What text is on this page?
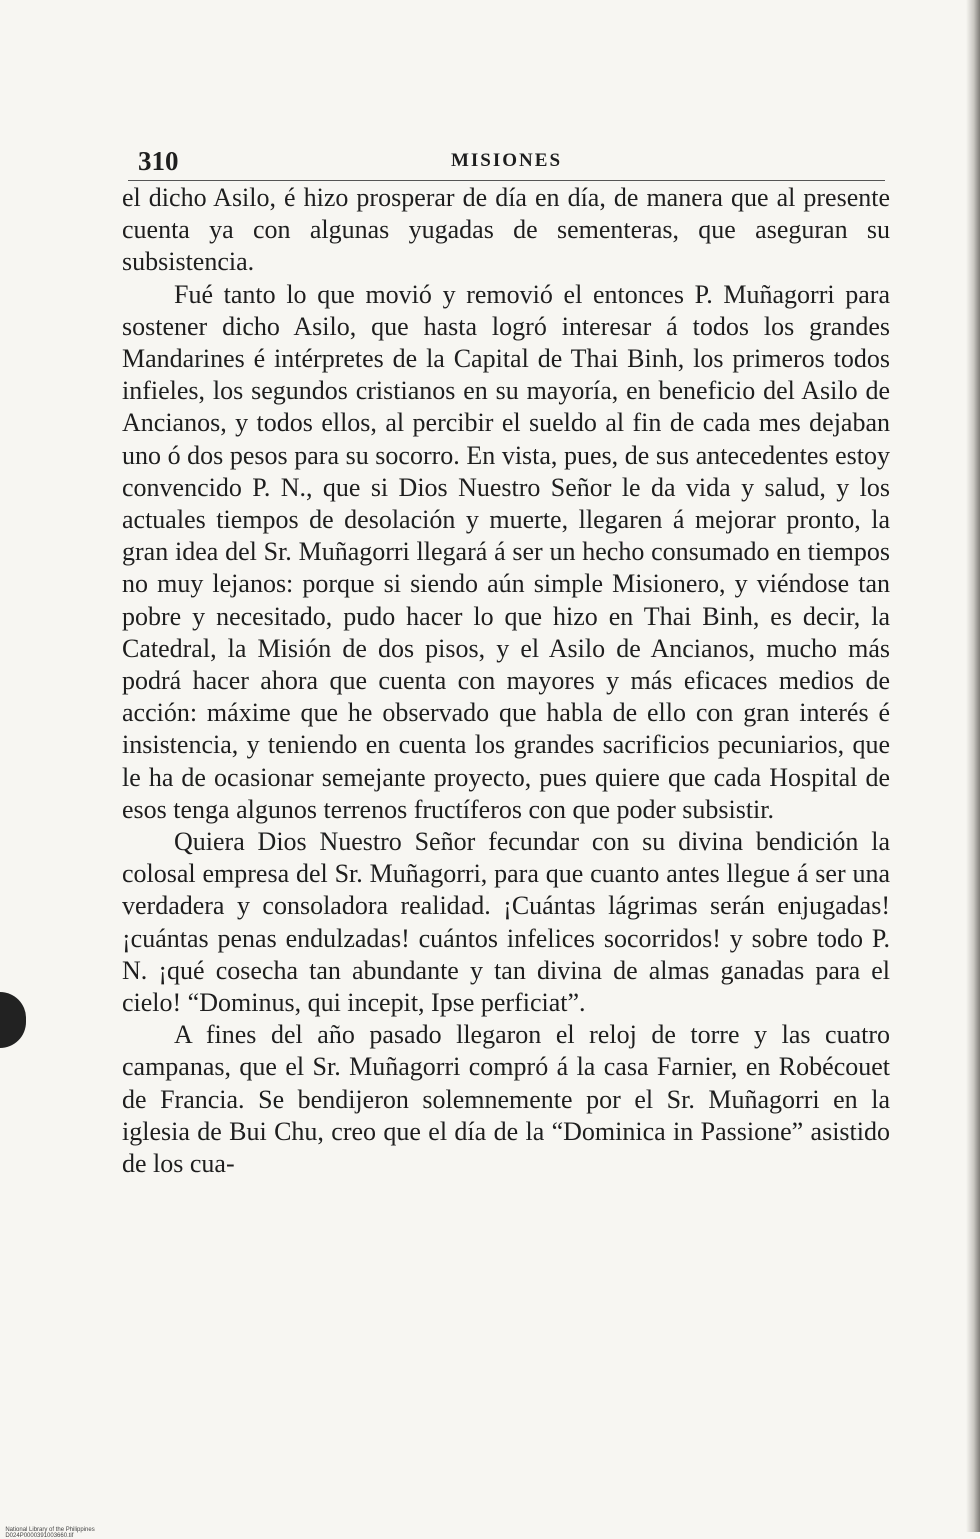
310	MISIONES

el dicho Asilo, é hizo prosperar de día en día, de manera que al presente cuenta ya con algunas yugadas de sementeras, que aseguran su subsistencia.

Fué tanto lo que movió y removió el entonces P. Muñagorri para sostener dicho Asilo, que hasta logró interesar á todos los grandes Mandarines é intérpretes de la Capital de Thai Binh, los primeros todos infieles, los segundos cristianos en su mayoría, en beneficio del Asilo de Ancianos, y todos ellos, al percibir el sueldo al fin de cada mes dejaban uno ó dos pesos para su socorro. En vista, pues, de sus antecedentes estoy convencido P. N., que si Dios Nuestro Señor le da vida y salud, y los actuales tiempos de desolación y muerte, llegaren á mejorar pronto, la gran idea del Sr. Muñagorri llegará á ser un hecho consumado en tiempos no muy lejanos: porque si siendo aún simple Misionero, y viéndose tan pobre y necesitado, pudo hacer lo que hizo en Thai Binh, es decir, la Catedral, la Misión de dos pisos, y el Asilo de Ancianos, mucho más podrá hacer ahora que cuenta con mayores y más eficaces medios de acción: máxime que he observado que habla de ello con gran interés é insistencia, y teniendo en cuenta los grandes sacrificios pecuniarios, que le ha de ocasionar semejante proyecto, pues quiere que cada Hospital de esos tenga algunos terrenos fructíferos con que poder subsistir.

Quiera Dios Nuestro Señor fecundar con su divina bendición la colosal empresa del Sr. Muñagorri, para que cuanto antes llegue á ser una verdadera y consoladora realidad. ¡Cuántas lágrimas serán enjugadas! ¡cuántas penas endulzadas! cuántos infelices socorridos! y sobre todo P. N. ¡qué cosecha tan abundante y tan divina de almas ganadas para el cielo! “Dominus, qui incepit, Ipse perficiat”.

A fines del año pasado llegaron el reloj de torre y las cuatro campanas, que el Sr. Muñagorri compró á la casa Farnier, en Robécouet de Francia. Se bendijeron solemnemente por el Sr. Muñagorri en la iglesia de Bui Chu, creo que el día de la “Dominica in Passione” asistido de los cua-

National Library of the Philippines
D024P0000391003660.tif
